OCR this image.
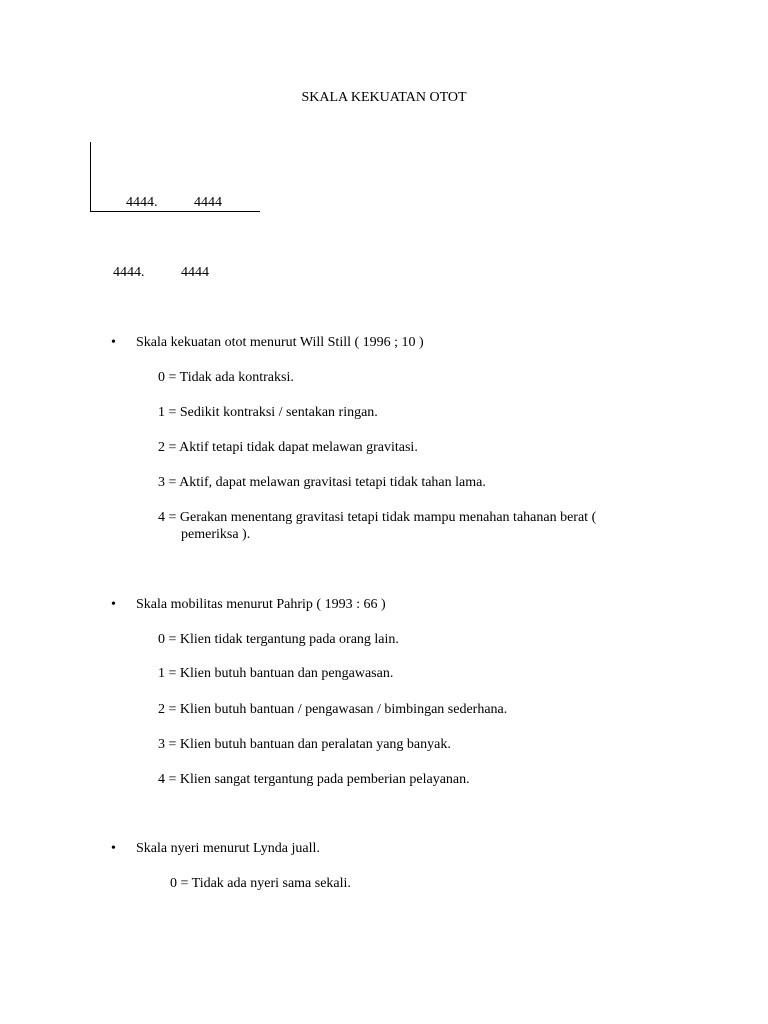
SKALA KEKUATAN OTOT
4444.	4444
4444.	4444
•	Skala kekuatan otot menurut Will Still ( 1996 ; 10 )
0 = Tidak ada kontraksi.
1 = Sedikit kontraksi / sentakan ringan.
2 = Aktif tetapi tidak dapat melawan gravitasi.
3 = Aktif, dapat melawan gravitasi tetapi tidak tahan lama.
4 = Gerakan menentang gravitasi tetapi tidak mampu menahan tahanan berat (
pemeriksa ).
•	Skala mobilitas menurut Pahrip ( 1993 : 66 )
0 = Klien tidak tergantung pada orang lain.
1 = Klien butuh bantuan dan pengawasan.
2 = Klien butuh bantuan / pengawasan / bimbingan sederhana.
3 = Klien butuh bantuan dan peralatan yang banyak.
4 = Klien sangat tergantung pada pemberian pelayanan.
•	Skala nyeri menurut Lynda juall.
0 = Tidak ada nyeri sama sekali.
